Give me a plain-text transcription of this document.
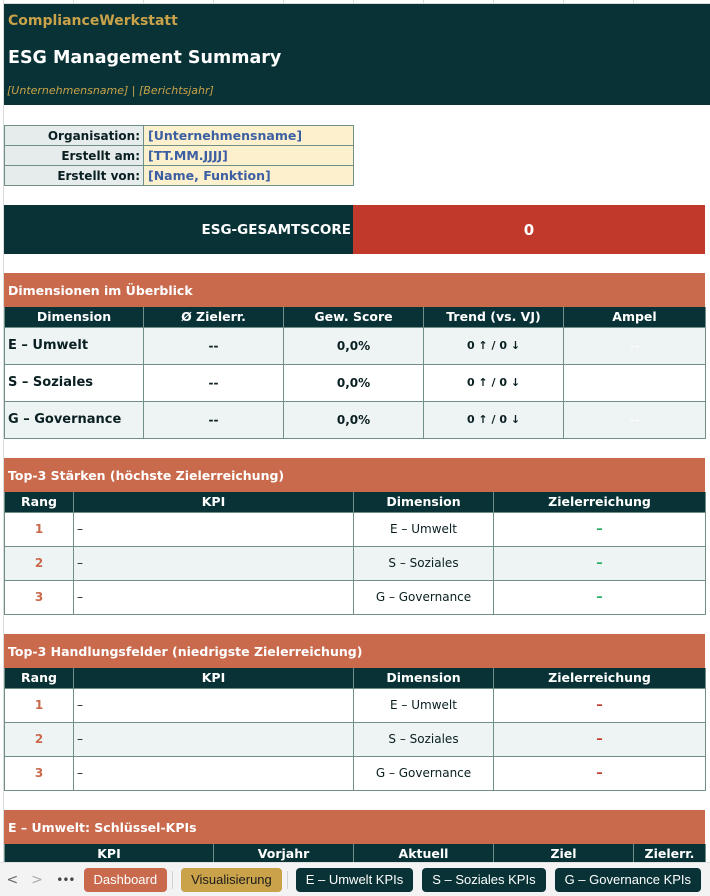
ComplianceWerkstatt
ESG Management Summary
[Unternehmensname] | [Berichtsjahr]
Organisation:	[Unternehmensname]
Erstellt am:	[TT.MM.JJJJ]
Erstellt von:	[Name, Funktion]
ESG-GESAMTSCORE	0
Dimensionen im Überblick
Dimension	Ø Zielerr.	Gew. Score	Trend (vs. VJ)	Ampel
E – Umwelt	--	0,0%	0 ↑ / 0 ↓	--
S – Soziales	--	0,0%	0 ↑ / 0 ↓	
G – Governance	--	0,0%	0 ↑ / 0 ↓	--
Top-3 Stärken (höchste Zielerreichung)
Rang	KPI	Dimension	Zielerreichung
1	–	E – Umwelt	–
2	–	S – Soziales	–
3	–	G – Governance	–
Top-3 Handlungsfelder (niedrigste Zielerreichung)
Rang	KPI	Dimension	Zielerreichung
1	–	E – Umwelt	–
2	–	S – Soziales	–
3	–	G – Governance	–
E – Umwelt: Schlüssel-KPIs
KPI	Vorjahr	Aktuell	Ziel	Zielerr.
< >	•••	Dashboard	Visualisierung	E – Umwelt KPIs	S – Soziales KPIs	G – Governance KPIs
